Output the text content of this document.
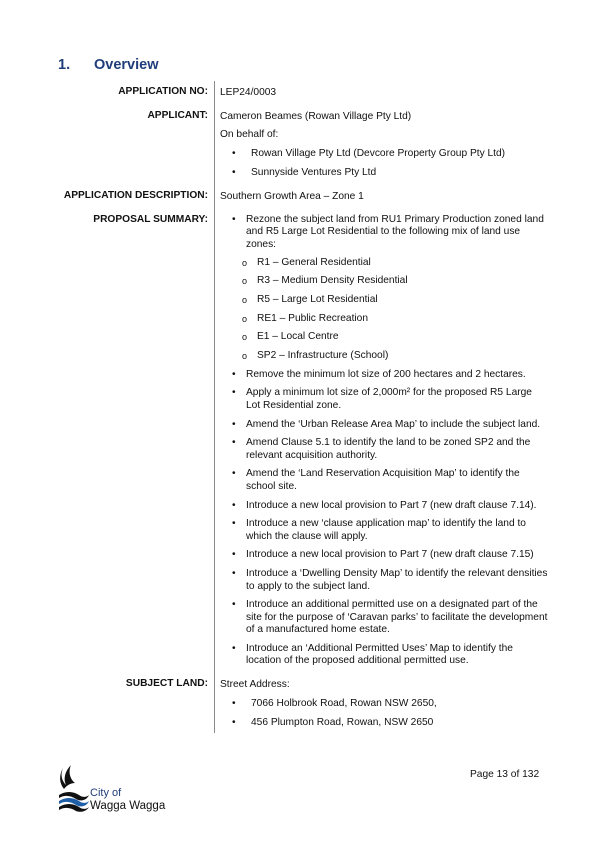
1. Overview
APPLICATION NO:	LEP24/0003
APPLICANT:	Cameron Beames (Rowan Village Pty Ltd)
On behalf of:
•	Rowan Village Pty Ltd (Devcore Property Group Pty Ltd)
•	Sunnyside Ventures Pty Ltd
APPLICATION DESCRIPTION:	Southern Growth Area – Zone 1
PROPOSAL SUMMARY:	•	Rezone the subject land from RU1 Primary Production zoned land and R5 Large Lot Residential to the following mix of land use zones:
o R1 – General Residential
o R3 – Medium Density Residential
o R5 – Large Lot Residential
o RE1 – Public Recreation
o E1 – Local Centre
o SP2 – Infrastructure (School)
•	Remove the minimum lot size of 200 hectares and 2 hectares.
•	Apply a minimum lot size of 2,000m² for the proposed R5 Large Lot Residential zone.
•	Amend the ‘Urban Release Area Map’ to include the subject land.
•	Amend Clause 5.1 to identify the land to be zoned SP2 and the relevant acquisition authority.
•	Amend the ‘Land Reservation Acquisition Map’ to identify the school site.
•	Introduce a new local provision to Part 7 (new draft clause 7.14).
•	Introduce a new ‘clause application map’ to identify the land to which the clause will apply.
•	Introduce a new local provision to Part 7 (new draft clause 7.15)
•	Introduce a ‘Dwelling Density Map’ to identify the relevant densities to apply to the subject land.
•	Introduce an additional permitted use on a designated part of the site for the purpose of ‘Caravan parks’ to facilitate the development of a manufactured home estate.
•	Introduce an ‘Additional Permitted Uses’ Map to identify the location of the proposed additional permitted use.
SUBJECT LAND:	Street Address:
•	7066 Holbrook Road, Rowan NSW 2650,
•	456 Plumpton Road, Rowan, NSW 2650
City of
Wagga Wagga
Page 13 of 132
